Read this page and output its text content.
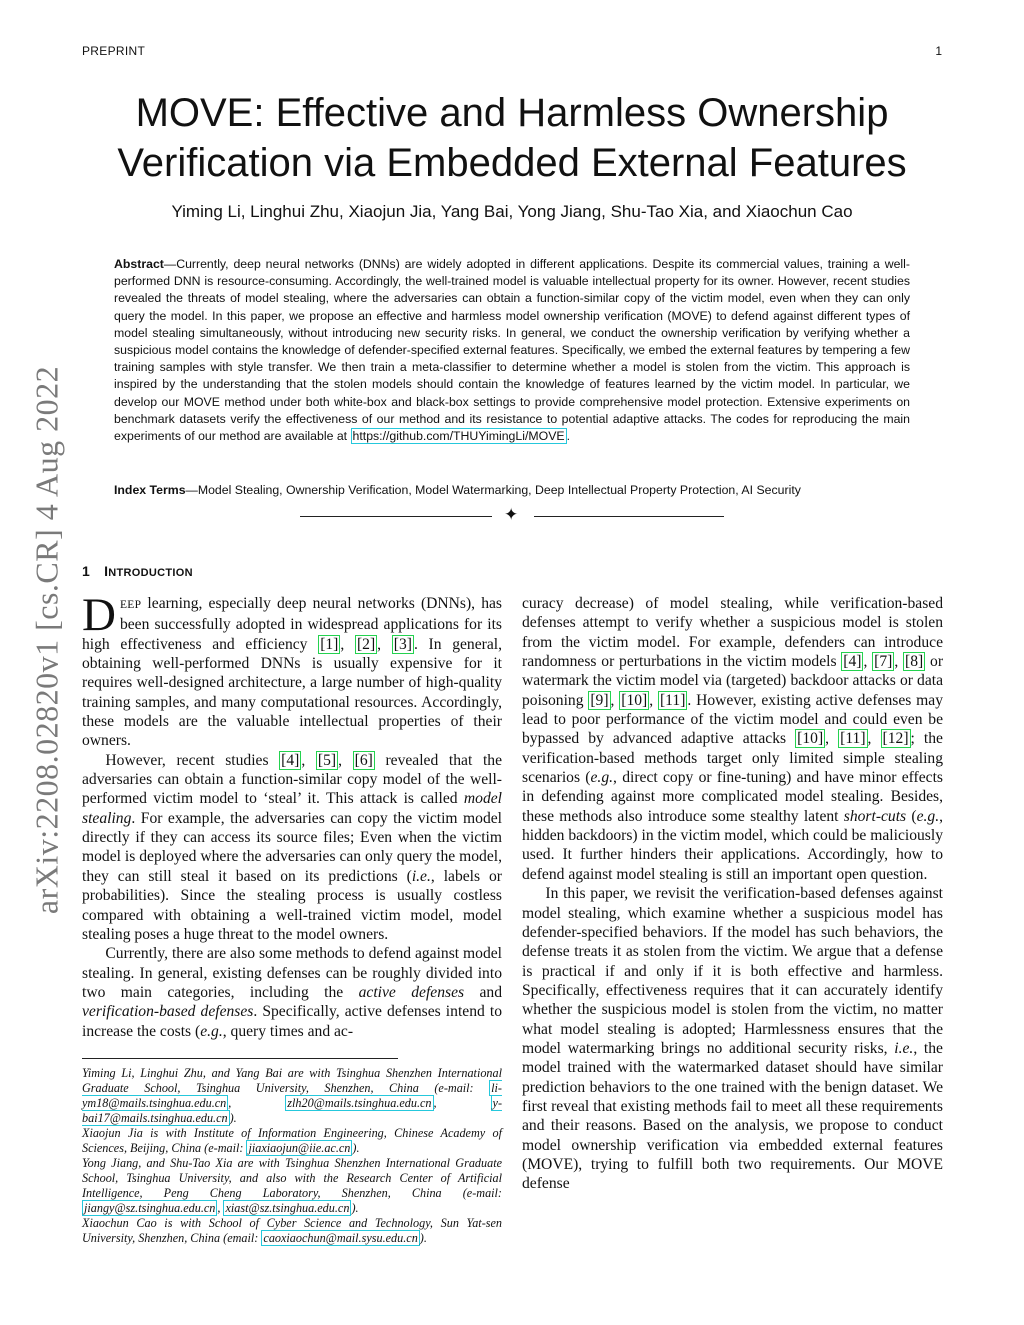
PREPRINT	1
arXiv:2208.02820v1 [cs.CR] 4 Aug 2022
MOVE: Effective and Harmless Ownership
Verification via Embedded External Features
Yiming Li, Linghui Zhu, Xiaojun Jia, Yang Bai, Yong Jiang, Shu-Tao Xia, and Xiaochun Cao
Abstract—Currently, deep neural networks (DNNs) are widely adopted in different applications. Despite its commercial values, training a well-performed DNN is resource-consuming. Accordingly, the well-trained model is valuable intellectual property for its owner. However, recent studies revealed the threats of model stealing, where the adversaries can obtain a function-similar copy of the victim model, even when they can only query the model. In this paper, we propose an effective and harmless model ownership verification (MOVE) to defend against different types of model stealing simultaneously, without introducing new security risks. In general, we conduct the ownership verification by verifying whether a suspicious model contains the knowledge of defender-specified external features. Specifically, we embed the external features by tempering a few training samples with style transfer. We then train a meta-classifier to determine whether a model is stolen from the victim. This approach is inspired by the understanding that the stolen models should contain the knowledge of features learned by the victim model. In particular, we develop our MOVE method under both white-box and black-box settings to provide comprehensive model protection. Extensive experiments on benchmark datasets verify the effectiveness of our method and its resistance to potential adaptive attacks. The codes for reproducing the main experiments of our method are available at https://github.com/THUYimingLi/MOVE .
Index Terms—Model Stealing, Ownership Verification, Model Watermarking, Deep Intellectual Property Protection, AI Security
✦
1 INTRODUCTION

DEEP learning, especially deep neural networks (DNNs), has been successfully adopted in widespread applications for its high effectiveness and efficiency [1] , [2] , [3] . In general, obtaining well-performed DNNs is usually expensive for it requires well-designed architecture, a large number of high-quality training samples, and many computational resources. Accordingly, these models are the valuable intellectual properties of their owners.

However, recent studies [4] , [5] , [6] revealed that the adversaries can obtain a function-similar copy model of the well-performed victim model to ‘steal’ it. This attack is called model stealing. For example, the adversaries can copy the victim model directly if they can access its source files; Even when the victim model is deployed where the adversaries can only query the model, they can still steal it based on its predictions (i.e., labels or probabilities). Since the stealing process is usually costless compared with obtaining a well-trained victim model, model stealing poses a huge threat to the model owners.

Currently, there are also some methods to defend against model stealing. In general, existing defenses can be roughly divided into two main categories, including the active defenses and verification-based defenses. Specifically, active defenses intend to increase the costs (e.g., query times and ac-

Yiming Li, Linghui Zhu, and Yang Bai are with Tsinghua Shenzhen International Graduate School, Tsinghua University, Shenzhen, China (e-mail: li-ym18@mails.tsinghua.edu.cn , zlh20@mails.tsinghua.edu.cn , y-bai17@mails.tsinghua.edu.cn ).

Xiaojun Jia is with Institute of Information Engineering, Chinese Academy of Sciences, Beijing, China (e-mail: jiaxiaojun@iie.ac.cn ).

Yong Jiang, and Shu-Tao Xia are with Tsinghua Shenzhen International Graduate School, Tsinghua University, and also with the Research Center of Artificial Intelligence, Peng Cheng Laboratory, Shenzhen, China (e-mail: jiangy@sz.tsinghua.edu.cn , xiast@sz.tsinghua.edu.cn ).

Xiaochun Cao is with School of Cyber Science and Technology, Sun Yat-sen University, Shenzhen, China (email: caoxiaochun@mail.sysu.edu.cn ).

curacy decrease) of model stealing, while verification-based defenses attempt to verify whether a suspicious model is stolen from the victim model. For example, defenders can introduce randomness or perturbations in the victim models [4] , [7] , [8] or watermark the victim model via (targeted) backdoor attacks or data poisoning [9] , [10] , [11] . However, existing active defenses may lead to poor performance of the victim model and could even be bypassed by advanced adaptive attacks [10] , [11] , [12] ; the verification-based methods target only limited simple stealing scenarios (e.g., direct copy or fine-tuning) and have minor effects in defending against more complicated model stealing. Besides, these methods also introduce some stealthy latent short-cuts (e.g., hidden backdoors) in the victim model, which could be maliciously used. It further hinders their applications. Accordingly, how to defend against model stealing is still an important open question.

In this paper, we revisit the verification-based defenses against model stealing, which examine whether a suspicious model has defender-specified behaviors. If the model has such behaviors, the defense treats it as stolen from the victim. We argue that a defense is practical if and only if it is both effective and harmless. Specifically, effectiveness requires that it can accurately identify whether the suspicious model is stolen from the victim, no matter what model stealing is adopted; Harmlessness ensures that the model watermarking brings no additional security risks, i.e., the model trained with the watermarked dataset should have similar prediction behaviors to the one trained with the benign dataset. We first reveal that existing methods fail to meet all these requirements and their reasons. Based on the analysis, we propose to conduct model ownership verification via embedded external features (MOVE), trying to fulfill both two requirements. Our MOVE defense
